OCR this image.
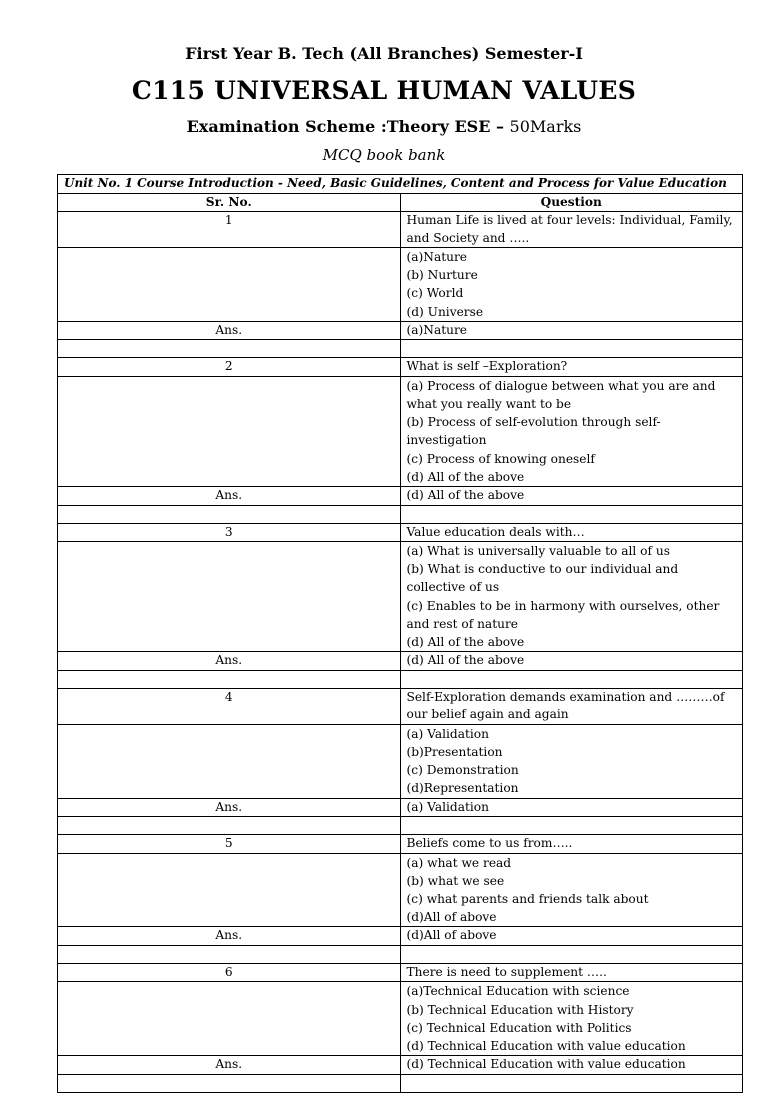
First Year B. Tech (All Branches) Semester-I
C115 UNIVERSAL HUMAN VALUES
Examination Scheme :Theory ESE – 50Marks
MCQ book bank
Unit No. 1 Course Introduction - Need, Basic Guidelines, Content and Process for Value Education	
Sr. No.	Question
1	Human Life is lived at four levels: Individual, Family, and Society and …..

	(a)Nature
(b) Nurture
(c) World
(d) Universe

Ans.	(a)Nature

2	What is self –Exploration?

	(a) Process of dialogue between what you are and what you really want to be
(b) Process of self-evolution through self-investigation
(c) Process of knowing oneself
(d) All of the above

Ans.	(d) All of the above

3	Value education deals with…

	(a) What is universally valuable to all of us
(b) What is conductive to our individual and collective of us
(c) Enables to be in harmony with ourselves, other and rest of nature
(d) All of the above

Ans.	(d) All of the above

4	Self-Exploration demands examination and ………of our belief again and again

	(a) Validation
(b)Presentation
(c) Demonstration
(d)Representation

Ans.	(a) Validation

5	Beliefs come to us from…..

	(a) what we read
(b) what we see
(c) what parents and friends talk about
(d)All of above

Ans.	(d)All of above

6	There is need to supplement …..

	(a)Technical Education with science
(b) Technical Education with History
(c) Technical Education with Politics
(d) Technical Education with value education

Ans.	(d) Technical Education with value education
